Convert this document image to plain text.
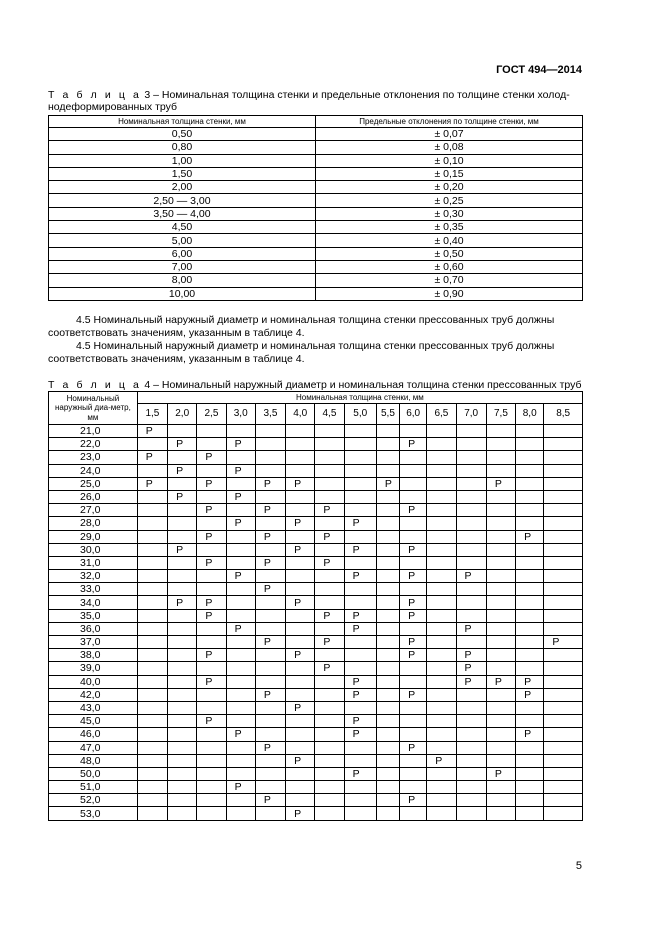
ГОСТ 494—2014
Т а б л и ц а 3 – Номинальная толщина стенки и предельные отклонения по толщине стенки холод-нодеформированных труб
Номинальная толщина стенки, мм	Предельные отклонения по толщине стенки, мм
0,50	± 0,07
0,80	± 0,08
1,00	± 0,10
1,50	± 0,15
2,00	± 0,20
2,50 — 3,00	± 0,25
3,50 — 4,00	± 0,30
4,50	± 0,35
5,00	± 0,40
6,00	± 0,50
7,00	± 0,60
8,00	± 0,70
10,00	± 0,90
4.5 Номинальный наружный диаметр и номинальная толщина стенки прессованных труб должны соответствовать значениям, указанным в таблице 4.
4.5 Номинальный наружный диаметр и номинальная толщина стенки прессованных труб должны соответствовать значениям, указанным в таблице 4.
Т а б л и ц а 4 – Номинальный наружный диаметр и номинальная толщина стенки прессованных труб
Номинальный наружный диа-метр, мм	Номинальная толщина стенки, мм														
	1,5	2,0	2,5	3,0	3,5	4,0	4,5	5,0	5,5	6,0	6,5	7,0	7,5	8,0	8,5
21,0	Р														
22,0		Р		Р						Р					
23,0	Р		Р												
24,0		Р		Р											
25,0	Р		Р		Р	Р			Р				Р		
26,0		Р		Р											
27,0			Р		Р		Р			Р					
28,0				Р		Р		Р							
29,0			Р		Р		Р							Р	
30,0		Р				Р		Р		Р					
31,0			Р		Р		Р								
32,0				Р				Р		Р		Р			
33,0					Р										
34,0		Р	Р			Р				Р					
35,0			Р				Р	Р		Р					
36,0				Р				Р				Р			
37,0					Р		Р			Р					Р
38,0			Р			Р				Р		Р			
39,0							Р					Р			
40,0			Р					Р				Р	Р	Р	
42,0					Р			Р		Р				Р	
43,0						Р									
45,0			Р					Р							
46,0				Р				Р						Р	
47,0					Р					Р					
48,0						Р					Р				
50,0								Р					Р		
51,0				Р											
52,0					Р					Р					
53,0						Р									
5
